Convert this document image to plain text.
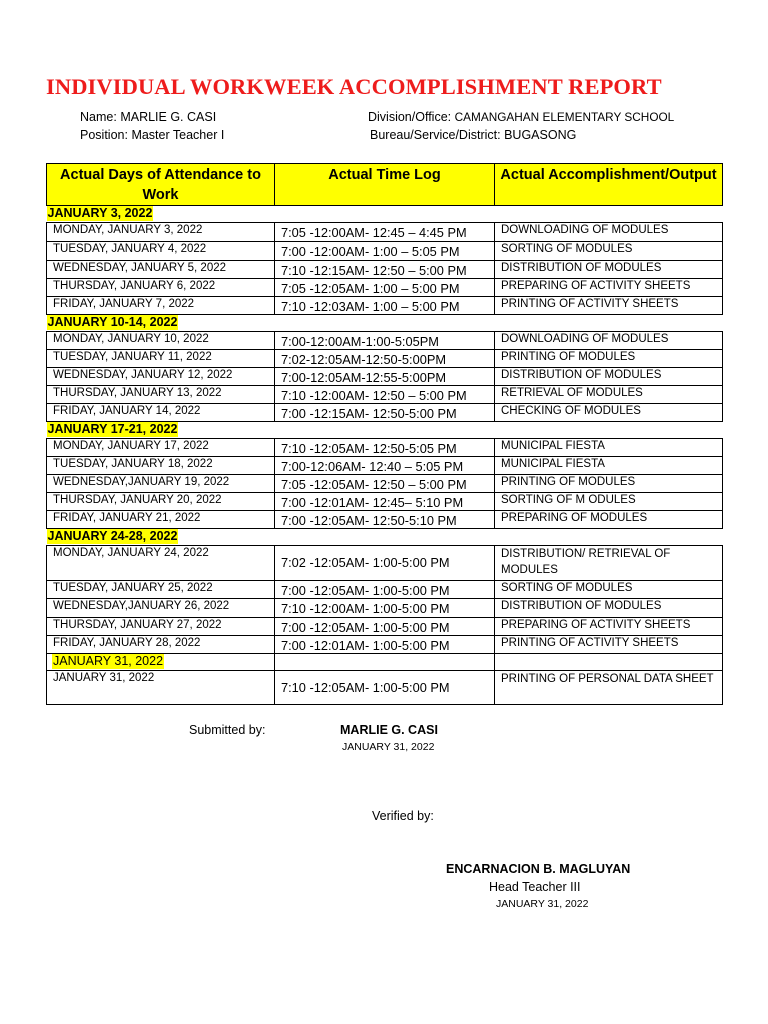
INDIVIDUAL WORKWEEK ACCOMPLISHMENT REPORT
Name: MARLIE G. CASI
Position: Master Teacher I
Division/Office: CAMANGAHAN ELEMENTARY SCHOOL
Bureau/Service/District: BUGASONG
Actual Days of Attendance to Work	Actual Time Log	Actual Accomplishment/Output
JANUARY 3, 2022		
MONDAY, JANUARY 3, 2022	7:05 -12:00AM- 12:45 – 4:45 PM	DOWNLOADING OF MODULES
TUESDAY, JANUARY 4, 2022	7:00 -12:00AM- 1:00 – 5:05 PM	SORTING OF MODULES
WEDNESDAY, JANUARY 5, 2022	7:10 -12:15AM- 12:50 – 5:00 PM	DISTRIBUTION OF MODULES
THURSDAY, JANUARY 6, 2022	7:05 -12:05AM- 1:00 – 5:00 PM	PREPARING OF ACTIVITY SHEETS
FRIDAY, JANUARY 7, 2022	7:10 -12:03AM- 1:00 – 5:00 PM	PRINTING OF ACTIVITY SHEETS
JANUARY 10-14, 2022		
MONDAY, JANUARY 10, 2022	7:00-12:00AM-1:00-5:05PM	DOWNLOADING OF MODULES
TUESDAY, JANUARY 11, 2022	7:02-12:05AM-12:50-5:00PM	PRINTING OF MODULES
WEDNESDAY, JANUARY 12, 2022	7:00-12:05AM-12:55-5:00PM	DISTRIBUTION OF MODULES
THURSDAY, JANUARY 13, 2022	7:10 -12:00AM- 12:50 – 5:00 PM	RETRIEVAL OF MODULES
FRIDAY, JANUARY 14, 2022	7:00 -12:15AM- 12:50-5:00 PM	CHECKING OF MODULES
JANUARY 17-21, 2022		
MONDAY, JANUARY 17, 2022	7:10 -12:05AM- 12:50-5:05 PM	MUNICIPAL FIESTA
TUESDAY, JANUARY 18, 2022	7:00-12:06AM- 12:40 – 5:05 PM	MUNICIPAL FIESTA
WEDNESDAY,JANUARY 19, 2022	7:05 -12:05AM- 12:50 – 5:00 PM	PRINTING OF MODULES
THURSDAY, JANUARY 20, 2022	7:00 -12:01AM- 12:45– 5:10 PM	SORTING OF M ODULES
FRIDAY, JANUARY 21, 2022	7:00 -12:05AM- 12:50-5:10 PM	PREPARING OF MODULES
JANUARY 24-28, 2022		
MONDAY, JANUARY 24, 2022	7:02 -12:05AM- 1:00-5:00 PM	DISTRIBUTION/ RETRIEVAL OF MODULES
TUESDAY, JANUARY 25, 2022	7:00 -12:05AM- 1:00-5:00 PM	SORTING OF MODULES
WEDNESDAY,JANUARY 26, 2022	7:10 -12:00AM- 1:00-5:00 PM	DISTRIBUTION OF MODULES
THURSDAY, JANUARY 27, 2022	7:00 -12:05AM- 1:00-5:00 PM	PREPARING OF ACTIVITY SHEETS
FRIDAY, JANUARY 28, 2022	7:00 -12:01AM- 1:00-5:00 PM	PRINTING OF ACTIVITY SHEETS
JANUARY 31, 2022		
JANUARY 31, 2022	7:10 -12:05AM- 1:00-5:00 PM	PRINTING OF PERSONAL DATA SHEET
Submitted by:	MARLIE G. CASI
JANUARY 31, 2022
Verified by:
ENCARNACION B. MAGLUYAN
Head Teacher III
JANUARY 31, 2022
